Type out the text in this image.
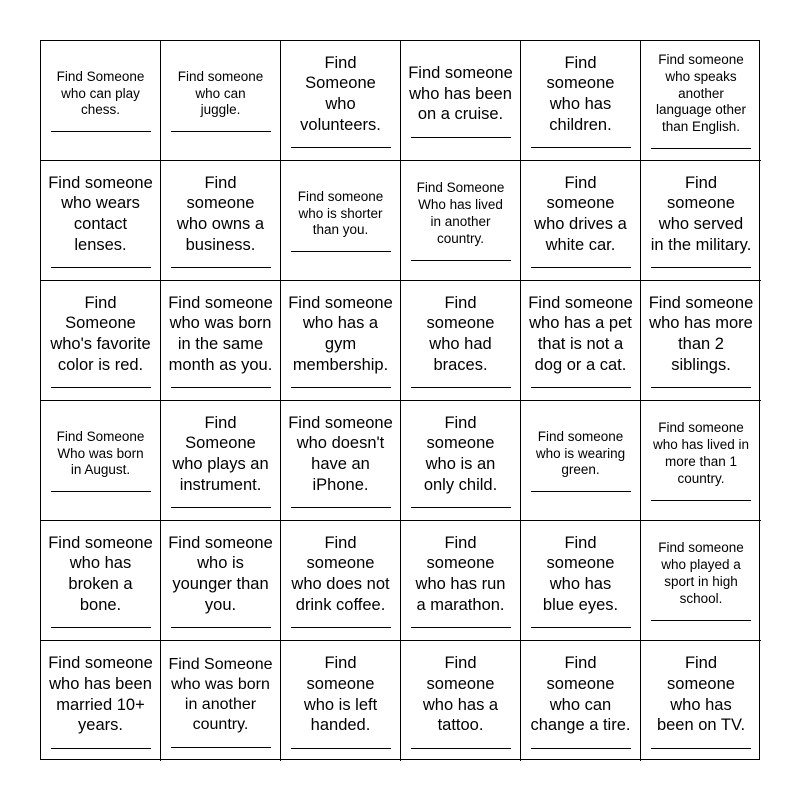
Find Someone
who can play
chess.
Find someone
who can
juggle.
Find
Someone
who
volunteers.
Find someone
who has been
on a cruise.
Find
someone
who has
children.
Find someone
who speaks
another
language other
than English.
Find someone
who wears
contact
lenses.
Find
someone
who owns a
business.
Find someone
who is shorter
than you.
Find Someone
Who has lived
in another
country.
Find
someone
who drives a
white car.
Find
someone
who served
in the military.
Find
Someone
who's favorite
color is red.
Find someone
who was born
in the same
month as you.
Find someone
who has a
gym
membership.
Find
someone
who had
braces.
Find someone
who has a pet
that is not a
dog or a cat.
Find someone
who has more
than 2
siblings.
Find Someone
Who was born
in August.
Find
Someone
who plays an
instrument.
Find someone
who doesn't
have an
iPhone.
Find
someone
who is an
only child.
Find someone
who is wearing
green.
Find someone
who has lived in
more than 1
country.
Find someone
who has
broken a
bone.
Find someone
who is
younger than
you.
Find
someone
who does not
drink coffee.
Find
someone
who has run
a marathon.
Find
someone
who has
blue eyes.
Find someone
who played a
sport in high
school.
Find someone
who has been
married 10+
years.
Find Someone
who was born
in another
country.
Find
someone
who is left
handed.
Find
someone
who has a
tattoo.
Find
someone
who can
change a tire.
Find
someone
who has
been on TV.
